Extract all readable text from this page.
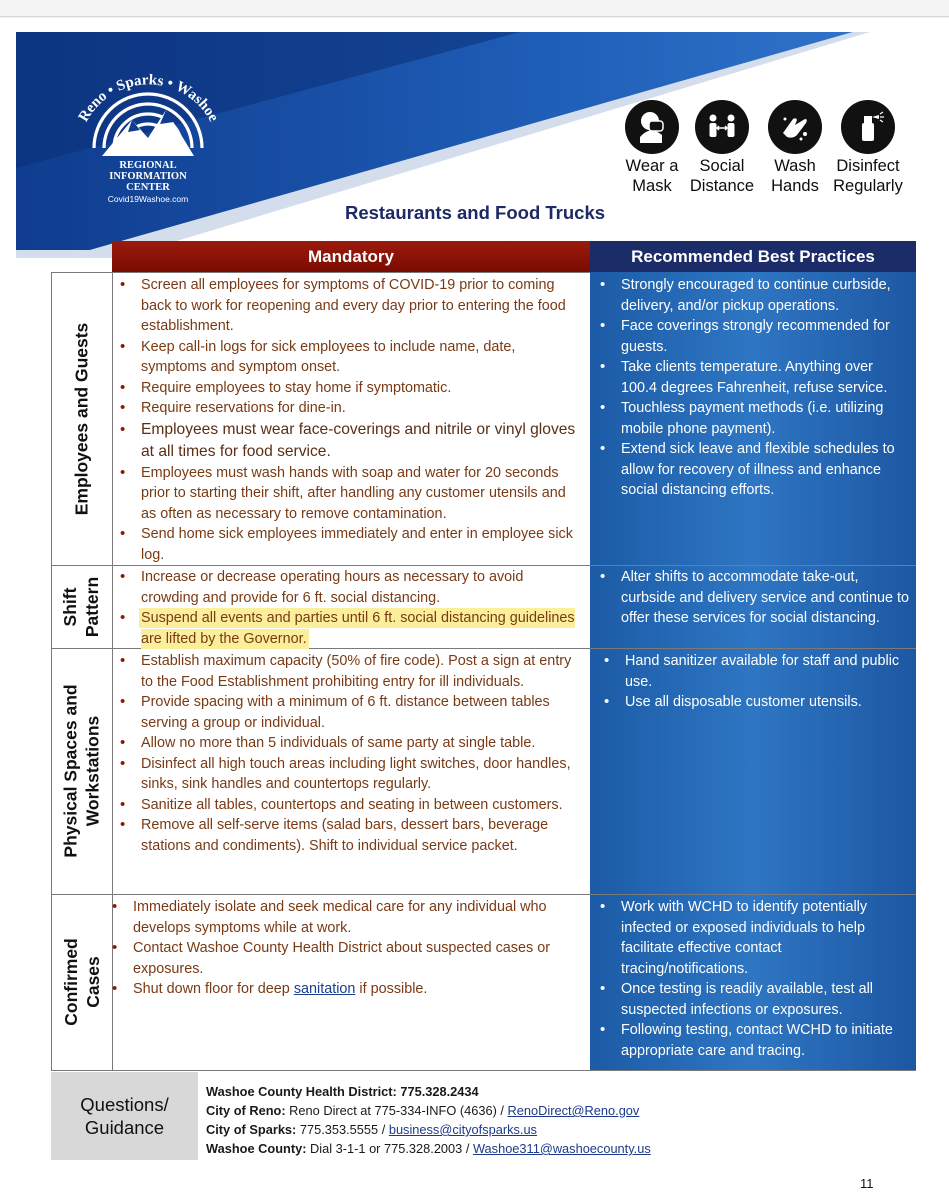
Reno • Sparks • Washoe
REGIONAL
INFORMATION
CENTER
Covid19Washoe.com
Wear a
Mask
Social
Distance
Wash
Hands
Disinfect
Regularly
Restaurants and Food Trucks
Mandatory	Recommended Best Practices
Employees and Guests
Shift Pattern
Physical Spaces and Workstations
Confirmed Cases
• Screen all employees for symptoms of COVID-19 prior to coming back to work for reopening and every day prior to entering the food establishment.
• Keep call-in logs for sick employees to include name, date, symptoms and symptom onset.
• Require employees to stay home if symptomatic.
• Require reservations for dine-in.
• Employees must wear face-coverings and nitrile or vinyl gloves at all times for food service.
• Employees must wash hands with soap and water for 20 seconds prior to starting their shift, after handling any customer utensils and as often as necessary to remove contamination.
• Send home sick employees immediately and enter in employee sick log.
• Strongly encouraged to continue curbside, delivery, and/or pickup operations.
• Face coverings strongly recommended for guests.
• Take clients temperature. Anything over 100.4 degrees Fahrenheit, refuse service.
• Touchless payment methods (i.e. utilizing mobile phone payment).
• Extend sick leave and flexible schedules to allow for recovery of illness and enhance social distancing efforts.
• Increase or decrease operating hours as necessary to avoid crowding and provide for 6 ft. social distancing.
• Suspend all events and parties until 6 ft. social distancing guidelines are lifted by the Governor.
• Alter shifts to accommodate take-out, curbside and delivery service and continue to offer these services for social distancing.
• Establish maximum capacity (50% of fire code). Post a sign at entry to the Food Establishment prohibiting entry for ill individuals.
• Provide spacing with a minimum of 6 ft. distance between tables serving a group or individual.
• Allow no more than 5 individuals of same party at single table.
• Disinfect all high touch areas including light switches, door handles, sinks, sink handles and countertops regularly.
• Sanitize all tables, countertops and seating in between customers.
• Remove all self-serve items (salad bars, dessert bars, beverage stations and condiments). Shift to individual service packet.
• Hand sanitizer available for staff and public use.
• Use all disposable customer utensils.
• Immediately isolate and seek medical care for any individual who develops symptoms while at work.
• Contact Washoe County Health District about suspected cases or exposures.
• Shut down floor for deep sanitation if possible.
• Work with WCHD to identify potentially infected or exposed individuals to help facilitate effective contact tracing/notifications.
• Once testing is readily available, test all suspected infections or exposures.
• Following testing, contact WCHD to initiate appropriate care and tracing.
Questions/
Guidance
Washoe County Health District: 775.328.2434
City of Reno: Reno Direct at 775-334-INFO (4636) / RenoDirect@Reno.gov
City of Sparks: 775.353.5555 / business@cityofsparks.us
Washoe County: Dial 3-1-1 or 775.328.2003 / Washoe311@washoecounty.us
11
